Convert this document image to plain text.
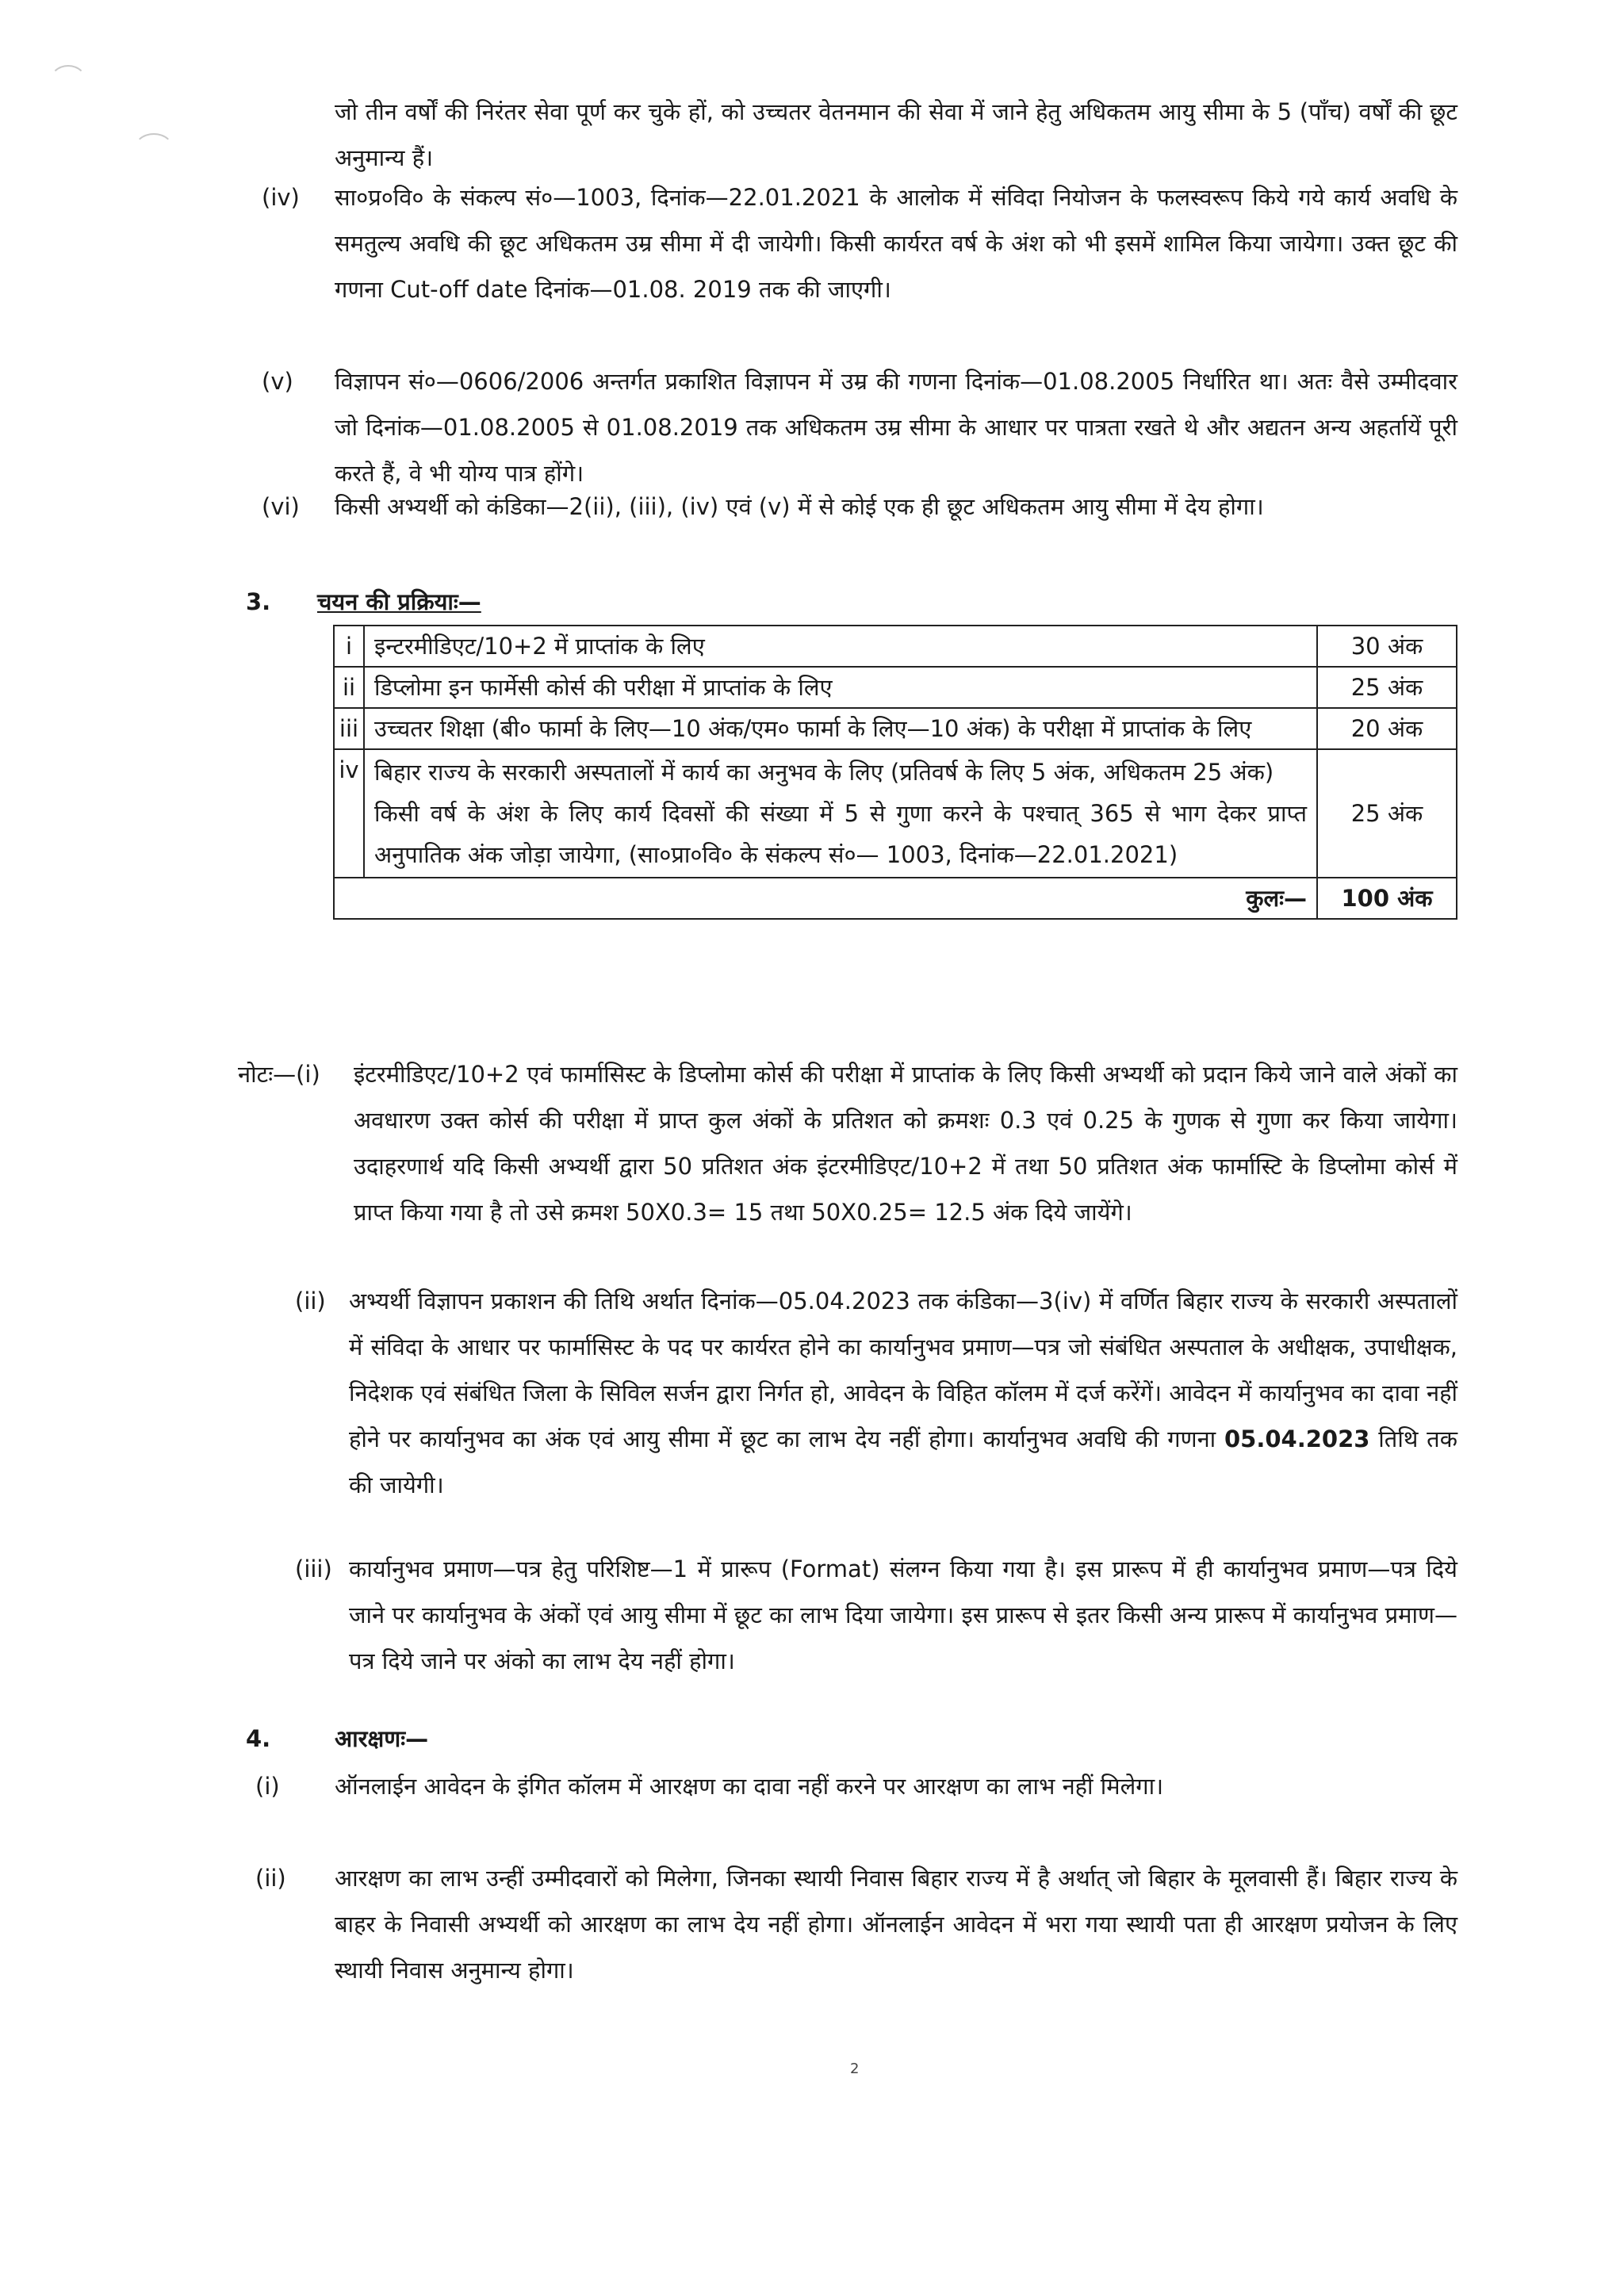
जो तीन वर्षों की निरंतर सेवा पूर्ण कर चुके हों, को उच्चतर वेतनमान की सेवा में जाने हेतु अधिकतम आयु सीमा के 5 (पाँच) वर्षों की छूट अनुमान्य हैं।
(iv)	सा०प्र०वि० के संकल्प सं०—1003, दिनांक—22.01.2021 के आलोक में संविदा नियोजन के फलस्वरूप किये गये कार्य अवधि के समतुल्य अवधि की छूट अधिकतम उम्र सीमा में दी जायेगी। किसी कार्यरत वर्ष के अंश को भी इसमें शामिल किया जायेगा। उक्त छूट की गणना Cut-off date दिनांक—01.08. 2019 तक की जाएगी।
(v)	विज्ञापन सं०—0606/2006 अन्तर्गत प्रकाशित विज्ञापन में उम्र की गणना दिनांक—01.08.2005 निर्धारित था। अतः वैसे उम्मीदवार जो दिनांक—01.08.2005 से 01.08.2019 तक अधिकतम उम्र सीमा के आधार पर पात्रता रखते थे और अद्यतन अन्य अहर्तायें पूरी करते हैं, वे भी योग्य पात्र होंगे।
(vi)	किसी अभ्यर्थी को कंडिका—2(ii), (iii), (iv) एवं (v) में से कोई एक ही छूट अधिकतम आयु सीमा में देय होगा।
3. चयन की प्रक्रियाः—
i	इन्टरमीडिएट/10+2 में प्राप्तांक के लिए	30 अंक
ii	डिप्लोमा इन फार्मेसी कोर्स की परीक्षा में प्राप्तांक के लिए	25 अंक
iii	उच्चतर शिक्षा (बी० फार्मा के लिए—10 अंक/एम० फार्मा के लिए—10 अंक) के परीक्षा में प्राप्तांक के लिए	20 अंक
iv	बिहार राज्य के सरकारी अस्पतालों में कार्य का अनुभव के लिए (प्रतिवर्ष के लिए 5 अंक, अधिकतम 25 अंक)
किसी वर्ष के अंश के लिए कार्य दिवसों की संख्या में 5 से गुणा करने के पश्चात् 365 से भाग देकर प्राप्त अनुपातिक अंक जोड़ा जायेगा, (सा०प्रा०वि० के संकल्प सं०— 1003, दिनांक—22.01.2021)	25 अंक
कुलः—		100 अंक
नोटः— (i)	इंटरमीडिएट/10+2 एवं फार्मासिस्ट के डिप्लोमा कोर्स की परीक्षा में प्राप्तांक के लिए किसी अभ्यर्थी को प्रदान किये जाने वाले अंकों का अवधारण उक्त कोर्स की परीक्षा में प्राप्त कुल अंकों के प्रतिशत को क्रमशः 0.3 एवं 0.25 के गुणक से गुणा कर किया जायेगा। उदाहरणार्थ यदि किसी अभ्यर्थी द्वारा 50 प्रतिशत अंक इंटरमीडिएट/10+2 में तथा 50 प्रतिशत अंक फार्मास्टि के डिप्लोमा कोर्स में प्राप्त किया गया है तो उसे क्रमश 50X0.3= 15 तथा 50X0.25= 12.5 अंक दिये जायेंगे।
(ii)	अभ्यर्थी विज्ञापन प्रकाशन की तिथि अर्थात दिनांक—05.04.2023 तक कंडिका—3(iv) में वर्णित बिहार राज्य के सरकारी अस्पतालों में संविदा के आधार पर फार्मासिस्ट के पद पर कार्यरत होने का कार्यानुभव प्रमाण—पत्र जो संबंधित अस्पताल के अधीक्षक, उपाधीक्षक, निदेशक एवं संबंधित जिला के सिविल सर्जन द्वारा निर्गत हो, आवेदन के विहित कॉलम में दर्ज करेंगें। आवेदन में कार्यानुभव का दावा नहीं होने पर कार्यानुभव का अंक एवं आयु सीमा में छूट का लाभ देय नहीं होगा। कार्यानुभव अवधि की गणना 05.04.2023 तिथि तक की जायेगी।
(iii) कार्यानुभव प्रमाण—पत्र हेतु परिशिष्ट—1 में प्रारूप (Format) संलग्न किया गया है। इस प्रारूप में ही कार्यानुभव प्रमाण—पत्र दिये जाने पर कार्यानुभव के अंकों एवं आयु सीमा में छूट का लाभ दिया जायेगा। इस प्रारूप से इतर किसी अन्य प्रारूप में कार्यानुभव प्रमाण—पत्र दिये जाने पर अंको का लाभ देय नहीं होगा।
4.	आरक्षणः—
(i)	ऑनलाईन आवेदन के इंगित कॉलम में आरक्षण का दावा नहीं करने पर आरक्षण का लाभ नहीं मिलेगा।
(ii)	आरक्षण का लाभ उन्हीं उम्मीदवारों को मिलेगा, जिनका स्थायी निवास बिहार राज्य में है अर्थात् जो बिहार के मूलवासी हैं। बिहार राज्य के बाहर के निवासी अभ्यर्थी को आरक्षण का लाभ देय नहीं होगा। ऑनलाईन आवेदन में भरा गया स्थायी पता ही आरक्षण प्रयोजन के लिए स्थायी निवास अनुमान्य होगा।
2
